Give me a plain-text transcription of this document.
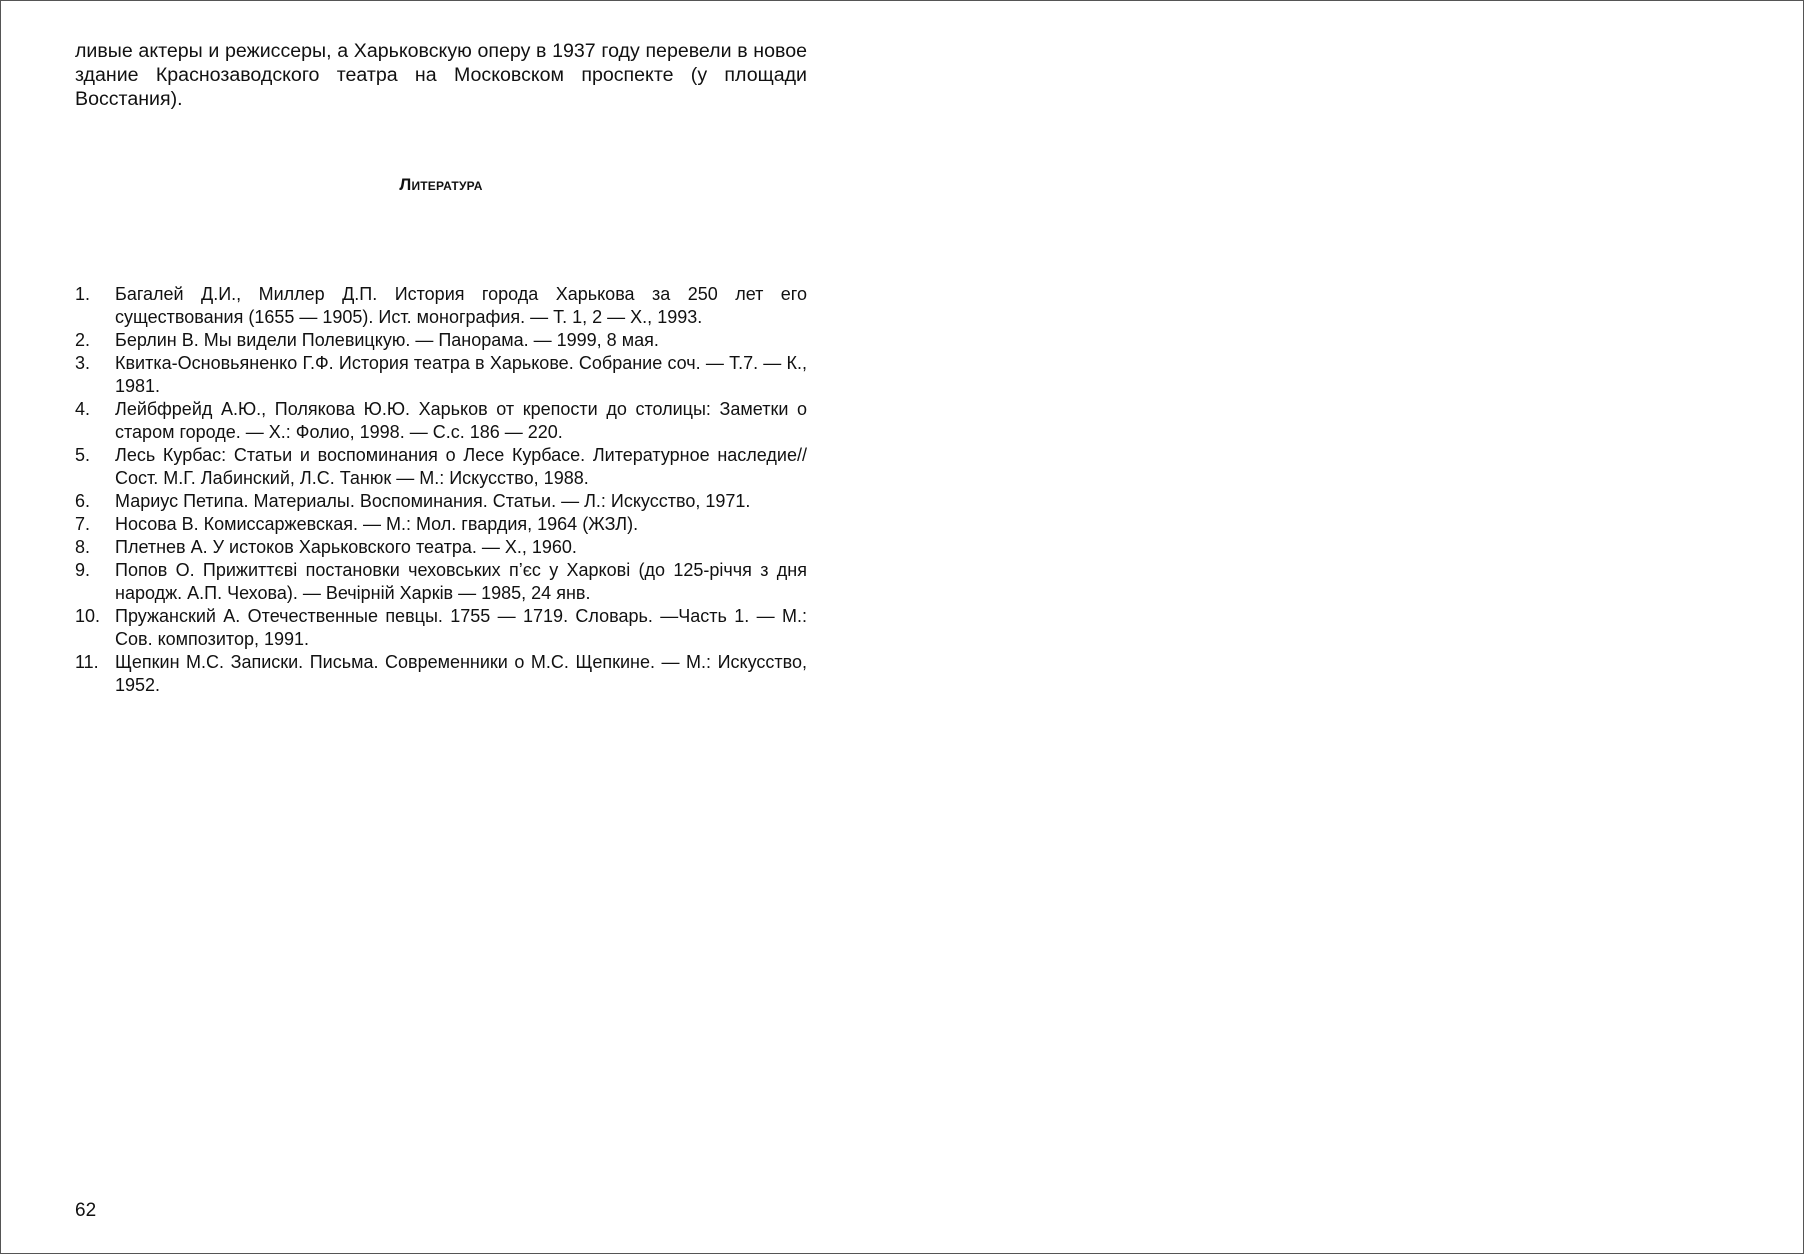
ливые актеры и режиссеры, а Харьковскую оперу в 1937 году перевели в новое здание Краснозаводского театра на Московском проспекте (у площади Восстания).

Литература
1.	Багалей Д.И., Миллер Д.П. История города Харькова за 250 лет его существования (1655 — 1905). Ист. монография. — Т. 1, 2 — Х., 1993.
2.	Берлин В. Мы видели Полевицкую. — Панорама. — 1999, 8 мая.
3.	Квитка-Основьяненко Г.Ф. История театра в Харькове. Собрание соч. — Т.7. — К., 1981.
4.	Лейбфрейд А.Ю., Полякова Ю.Ю. Харьков от крепости до столицы: Заметки о старом городе. — Х.: Фолио, 1998. — С.с. 186 — 220.
5.	Лесь Курбас: Статьи и воспоминания о Лесе Курбасе. Литературное наследие// Сост. М.Г. Лабинский, Л.С. Танюк — М.: Искусство, 1988.
6.	Мариус Петипа. Материалы. Воспоминания. Статьи. — Л.: Искусство, 1971.
7.	Носова В. Комиссаржевская. — М.: Мол. гвардия, 1964 (ЖЗЛ).
8.	Плетнев А. У истоков Харьковского театра. — Х., 1960.
9.	Попов О. Прижиттєві постановки чеховських п’єс у Харкові (до 125-річчя з дня народж. А.П. Чехова). — Вечірній Харків — 1985, 24 янв.
10. Пружанский А. Отечественные певцы. 1755 — 1719. Словарь. —Часть 1. — М.: Сов. композитор, 1991.
11. Щепкин М.С. Записки. Письма. Современники о М.С. Щепкине. — М.: Искусство, 1952.
62
